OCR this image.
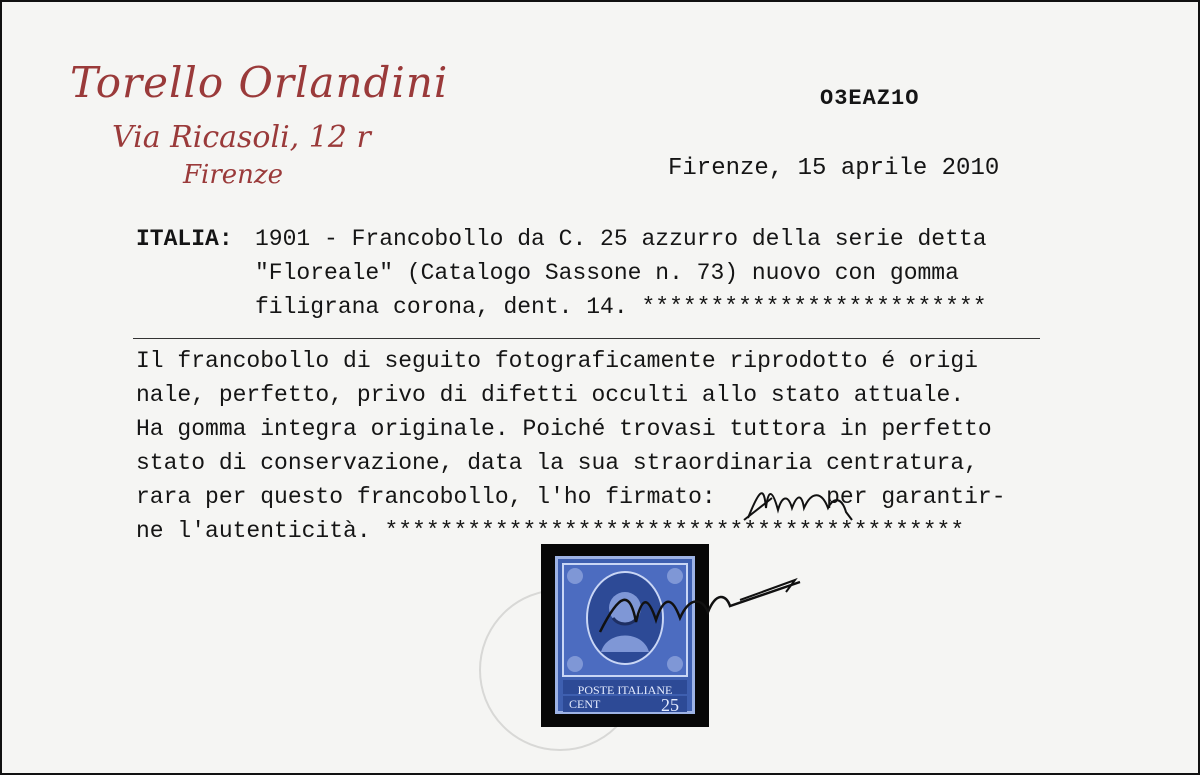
Torello Orlandini
Via Ricasoli, 12 r
Firenze
O3EAZ1O
Firenze, 15 aprile 2010
ITALIA: 1901 - Francobollo da C. 25 azzurro della serie detta
"Floreale" (Catalogo Sassone n. 73) nuovo con gomma
filigrana corona, dent. 14. *************************
Il francobollo di seguito fotograficamente riprodotto é origi
nale, perfetto, privo di difetti occulti allo stato attuale.
Ha gomma integra originale. Poiché trovasi tuttora in perfetto
stato di conservazione, data la sua straordinaria centratura,
rara per questo francobollo, l'ho firmato:        per garantir-
ne l'autenticità. ******************************************
POSTE ITALIANE
CENT	25
